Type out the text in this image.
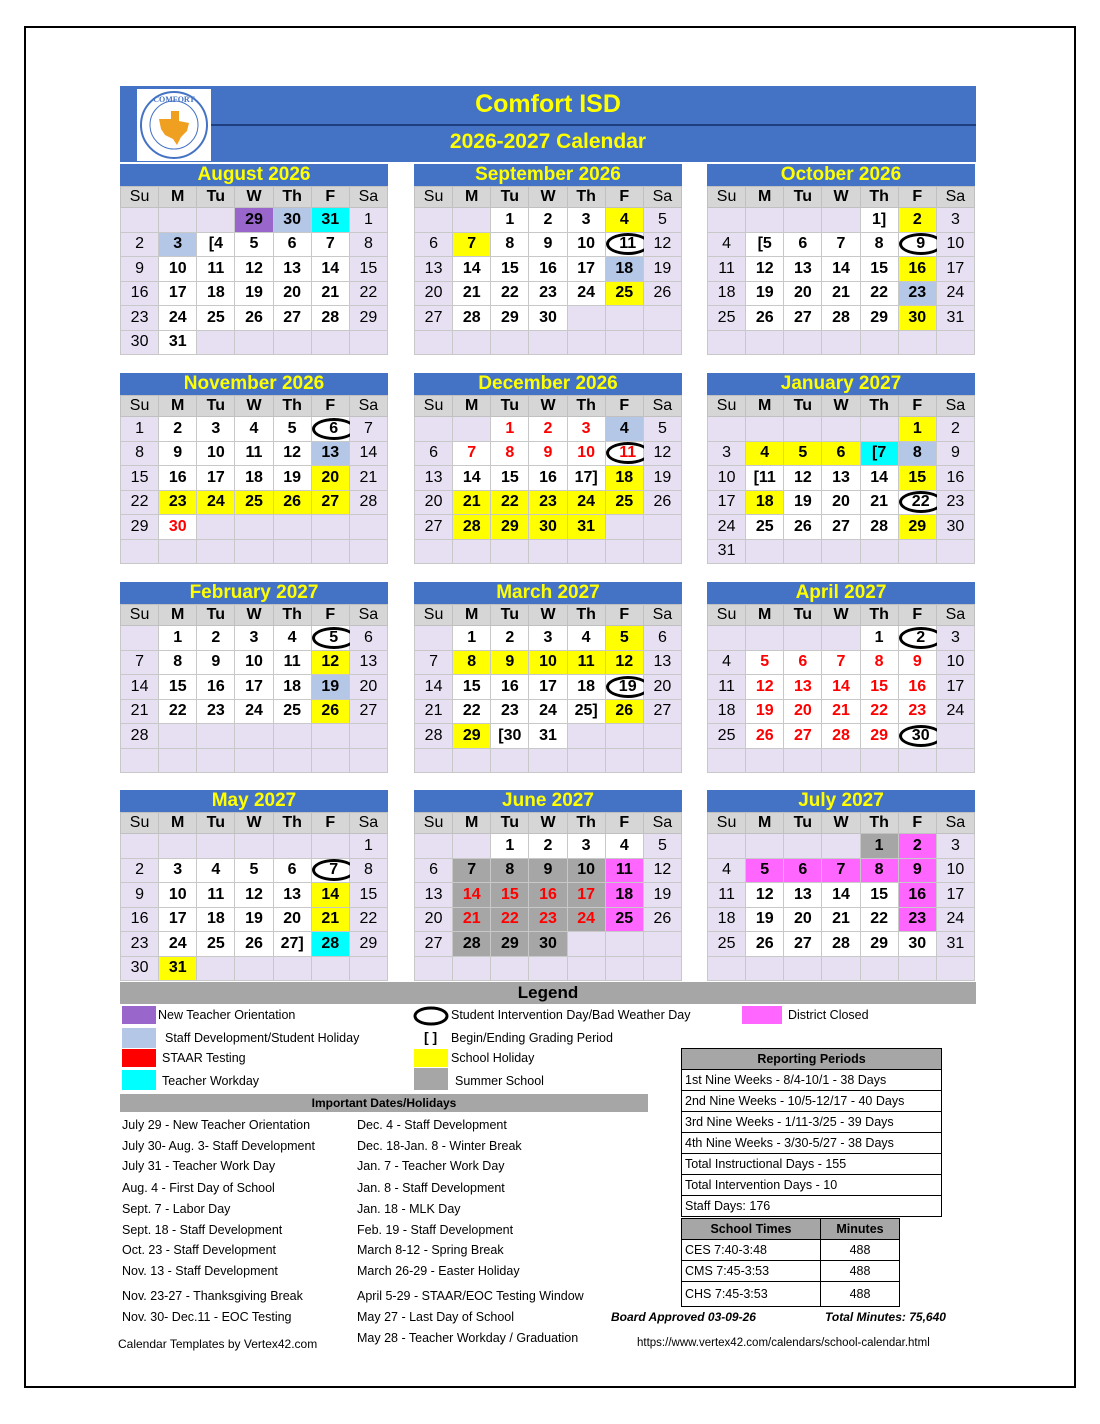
Comfort ISD
2026-2027 Calendar
COMFORT
August 2026
Su	M	Tu	W	Th	F	Sa
			29	30	31	1
2	3	[4	5	6	7	8
9	10	11	12	13	14	15
16	17	18	19	20	21	22
23	24	25	26	27	28	29
30	31					
September 2026
Su	M	Tu	W	Th	F	Sa
		1	2	3	4	5
6	7	8	9	10	11	12
13	14	15	16	17	18	19
20	21	22	23	24	25	26
27	28	29	30			

October 2026
Su	M	Tu	W	Th	F	Sa
				1]	2	3
4	[5	6	7	8	9	10
11	12	13	14	15	16	17
18	19	20	21	22	23	24
25	26	27	28	29	30	31

November 2026
Su	M	Tu	W	Th	F	Sa
1	2	3	4	5	6	7
8	9	10	11	12	13	14
15	16	17	18	19	20	21
22	23	24	25	26	27	28
29	30					

December 2026
Su	M	Tu	W	Th	F	Sa
		1	2	3	4	5
6	7	8	9	10	11	12
13	14	15	16	17]	18	19
20	21	22	23	24	25	26
27	28	29	30	31		

January 2027
Su	M	Tu	W	Th	F	Sa
					1	2
3	4	5	6	[7	8	9
10	[11	12	13	14	15	16
17	18	19	20	21	22	23
24	25	26	27	28	29	30
31						
February 2027
Su	M	Tu	W	Th	F	Sa
	1	2	3	4	5	6
7	8	9	10	11	12	13
14	15	16	17	18	19	20
21	22	23	24	25	26	27
28						

March 2027
Su	M	Tu	W	Th	F	Sa
	1	2	3	4	5	6
7	8	9	10	11	12	13
14	15	16	17	18	19	20
21	22	23	24	25]	26	27
28	29	[30	31			

April 2027
Su	M	Tu	W	Th	F	Sa
				1	2	3
4	5	6	7	8	9	10
11	12	13	14	15	16	17
18	19	20	21	22	23	24
25	26	27	28	29	30	

May 2027
Su	M	Tu	W	Th	F	Sa
						1
2	3	4	5	6	7	8
9	10	11	12	13	14	15
16	17	18	19	20	21	22
23	24	25	26	27]	28	29
30	31					
June 2027
Su	M	Tu	W	Th	F	Sa
		1	2	3	4	5
6	7	8	9	10	11	12
13	14	15	16	17	18	19
20	21	22	23	24	25	26
27	28	29	30			

July 2027
Su	M	Tu	W	Th	F	Sa
				1	2	3
4	5	6	7	8	9	10
11	12	13	14	15	16	17
18	19	20	21	22	23	24
25	26	27	28	29	30	31

Legend
New Teacher Orientation	Student Intervention Day/Bad Weather Day	District Closed
Staff Development/Student Holiday	[ ] Begin/Ending Grading Period
STAAR Testing	School Holiday
Teacher Workday	Summer School
Important Dates/Holidays
July 29 - New Teacher Orientation
July 30- Aug. 3- Staff Development
July 31 - Teacher Work Day
Aug. 4 - First Day of School
Sept. 7 - Labor Day
Sept. 18 - Staff Development
Oct. 23 - Staff Development
Nov. 13 - Staff Development
Nov. 23-27 - Thanksgiving Break
Nov. 30- Dec.11 - EOC Testing
Dec. 4 - Staff Development
Dec. 18-Jan. 8 - Winter Break
Jan. 7 - Teacher Work Day
Jan. 8 - Staff Development
Jan. 18 - MLK Day
Feb. 19 - Staff Development
March 8-12 - Spring Break
March 26-29 - Easter Holiday
April 5-29 - STAAR/EOC Testing Window
May 27 - Last Day of School
May 28 - Teacher Workday / Graduation
Reporting Periods
1st Nine Weeks - 8/4-10/1 - 38 Days
2nd Nine Weeks - 10/5-12/17 - 40 Days
3rd Nine Weeks - 1/11-3/25 - 39 Days
4th Nine Weeks - 3/30-5/27 - 38 Days
Total Instructional Days - 155
Total Intervention Days - 10
Staff Days: 176
School Times	Minutes
CES 7:40-3:48	488
CMS 7:45-3:53	488
CHS 7:45-3:53	488
Board Approved 03-09-26	Total Minutes: 75,640
Calendar Templates by Vertex42.com	https://www.vertex42.com/calendars/school-calendar.html
